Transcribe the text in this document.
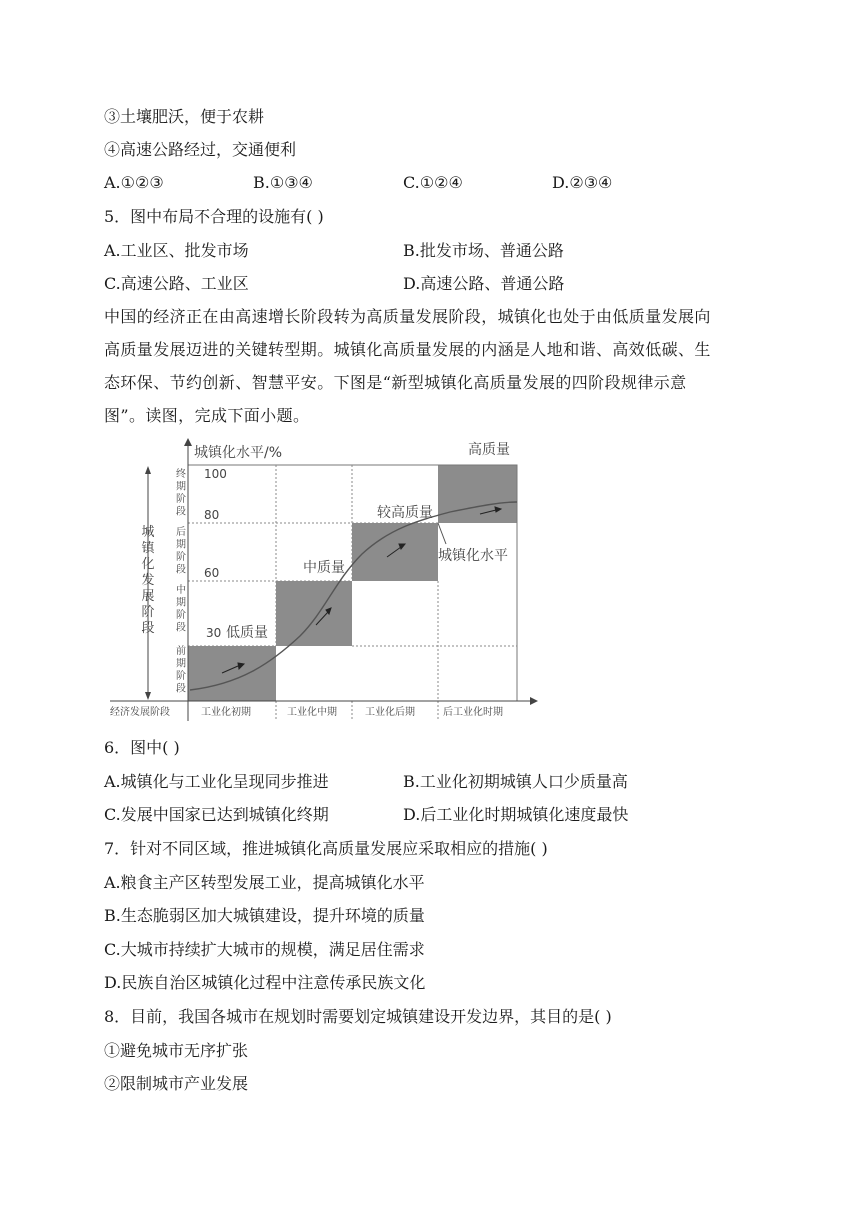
③土壤肥沃，便于农耕
④高速公路经过，交通便利
A.①②③	B.①③④	C.①②④	D.②③④
5．图中布局不合理的设施有( )
A.工业区、批发市场	B.批发市场、普通公路
C.高速公路、工业区	D.高速公路、普通公路
中国的经济正在由高速增长阶段转为高质量发展阶段，城镇化也处于由低质量发展向
高质量发展迈进的关键转型期。城镇化高质量发展的内涵是人地和谐、高效低碳、生
态环保、节约创新、智慧平安。下图是“新型城镇化高质量发展的四阶段规律示意
图”。读图，完成下面小题。
城镇化水平/%	高质量
较高质量
中质量
低质量
城镇化水平
100
80
60
30
经济发展阶段	工业化初期	工业化中期	工业化后期	后工业化时期
城镇化发展阶段
终期阶段
后期阶段
中期阶段
前期阶段
6．图中( )
A.城镇化与工业化呈现同步推进	B.工业化初期城镇人口少质量高
C.发展中国家已达到城镇化终期	D.后工业化时期城镇化速度最快
7．针对不同区域，推进城镇化高质量发展应采取相应的措施( )
A.粮食主产区转型发展工业，提高城镇化水平
B.生态脆弱区加大城镇建设，提升环境的质量
C.大城市持续扩大城市的规模，满足居住需求
D.民族自治区城镇化过程中注意传承民族文化
8．目前，我国各城市在规划时需要划定城镇建设开发边界，其目的是( )
①避免城市无序扩张
②限制城市产业发展
